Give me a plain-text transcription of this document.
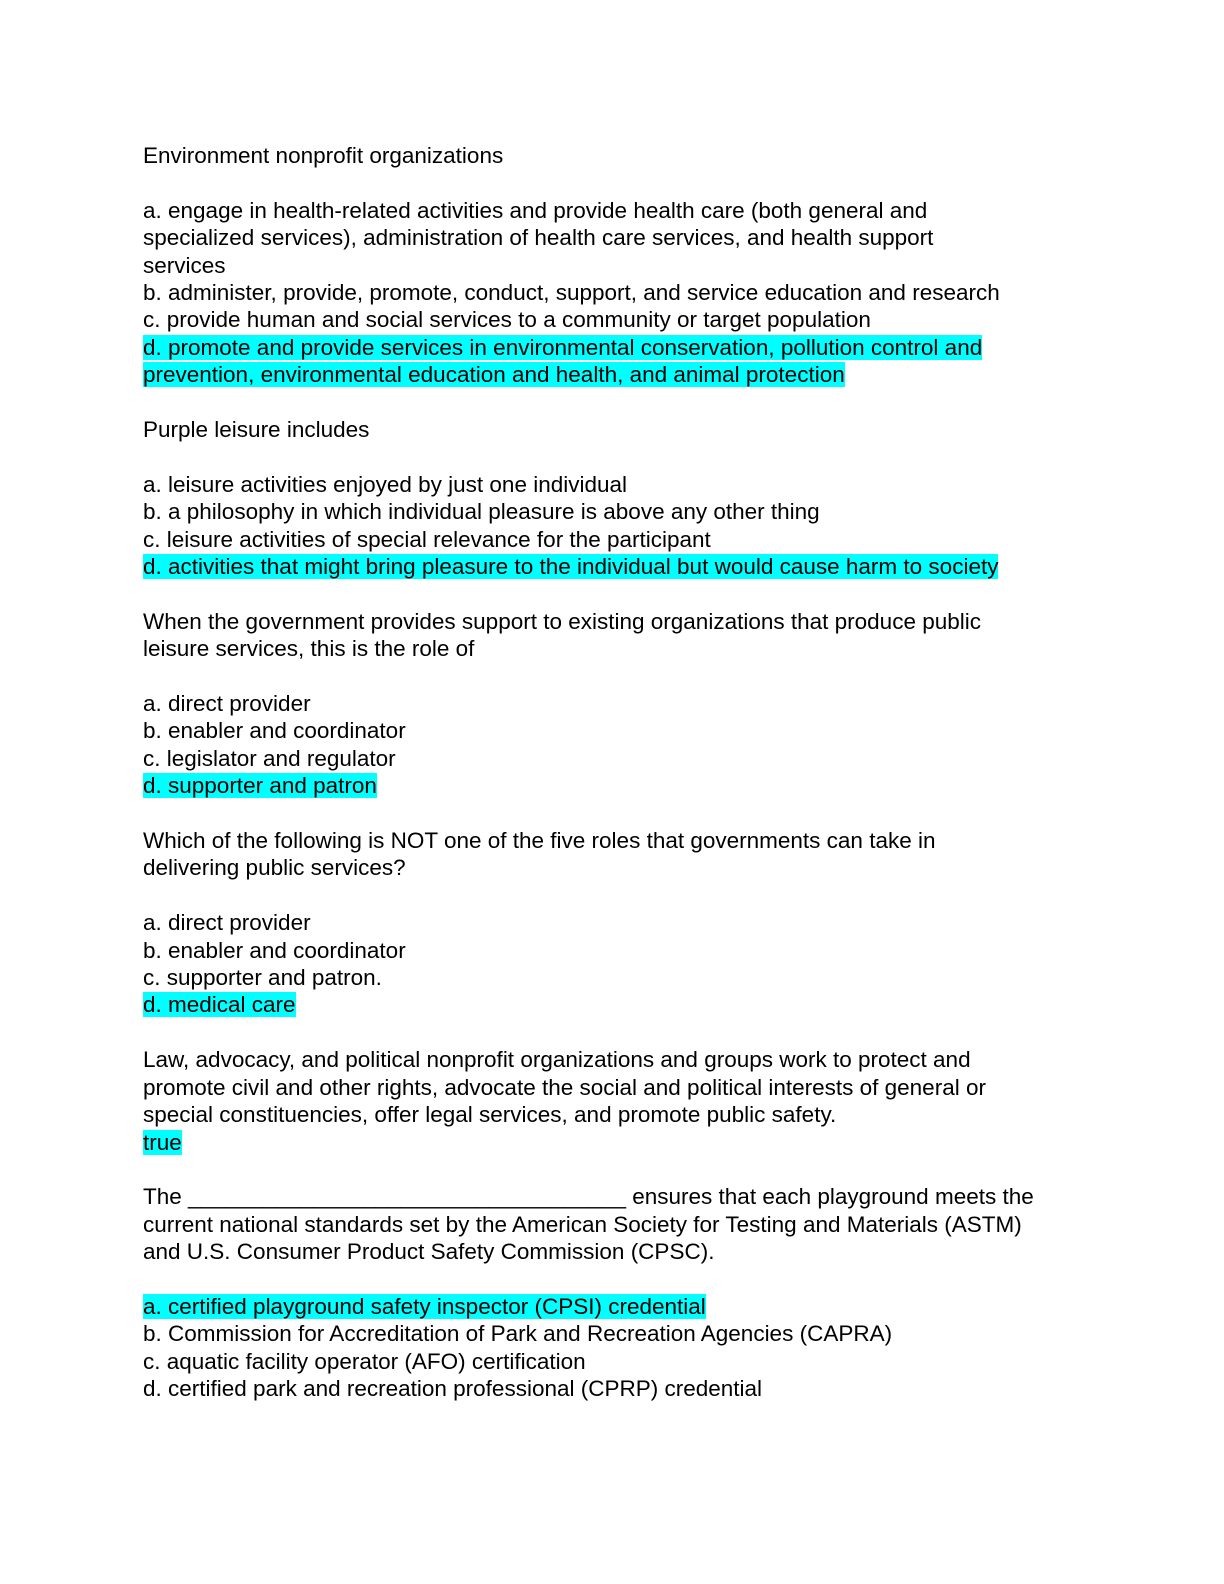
Environment nonprofit organizations

a. engage in health-related activities and provide health care (both general and specialized services), administration of health care services, and health support services
b. administer, provide, promote, conduct, support, and service education and research
c. provide human and social services to a community or target population
d. promote and provide services in environmental conservation, pollution control and prevention, environmental education and health, and animal protection

Purple leisure includes

a. leisure activities enjoyed by just one individual
b. a philosophy in which individual pleasure is above any other thing
c. leisure activities of special relevance for the participant
d. activities that might bring pleasure to the individual but would cause harm to society

When the government provides support to existing organizations that produce public leisure services, this is the role of

a. direct provider
b. enabler and coordinator
c. legislator and regulator
d. supporter and patron

Which of the following is NOT one of the five roles that governments can take in delivering public services?

a. direct provider
b. enabler and coordinator
c. supporter and patron.
d. medical care

Law, advocacy, and political nonprofit organizations and groups work to protect and promote civil and other rights, advocate the social and political interests of general or special constituencies, offer legal services, and promote public safety.

true

The ___________________________________ ensures that each playground meets the current national standards set by the American Society for Testing and Materials (ASTM) and U.S. Consumer Product Safety Commission (CPSC).

a. certified playground safety inspector (CPSI) credential
b. Commission for Accreditation of Park and Recreation Agencies (CAPRA)
c. aquatic facility operator (AFO) certification
d. certified park and recreation professional (CPRP) credential
